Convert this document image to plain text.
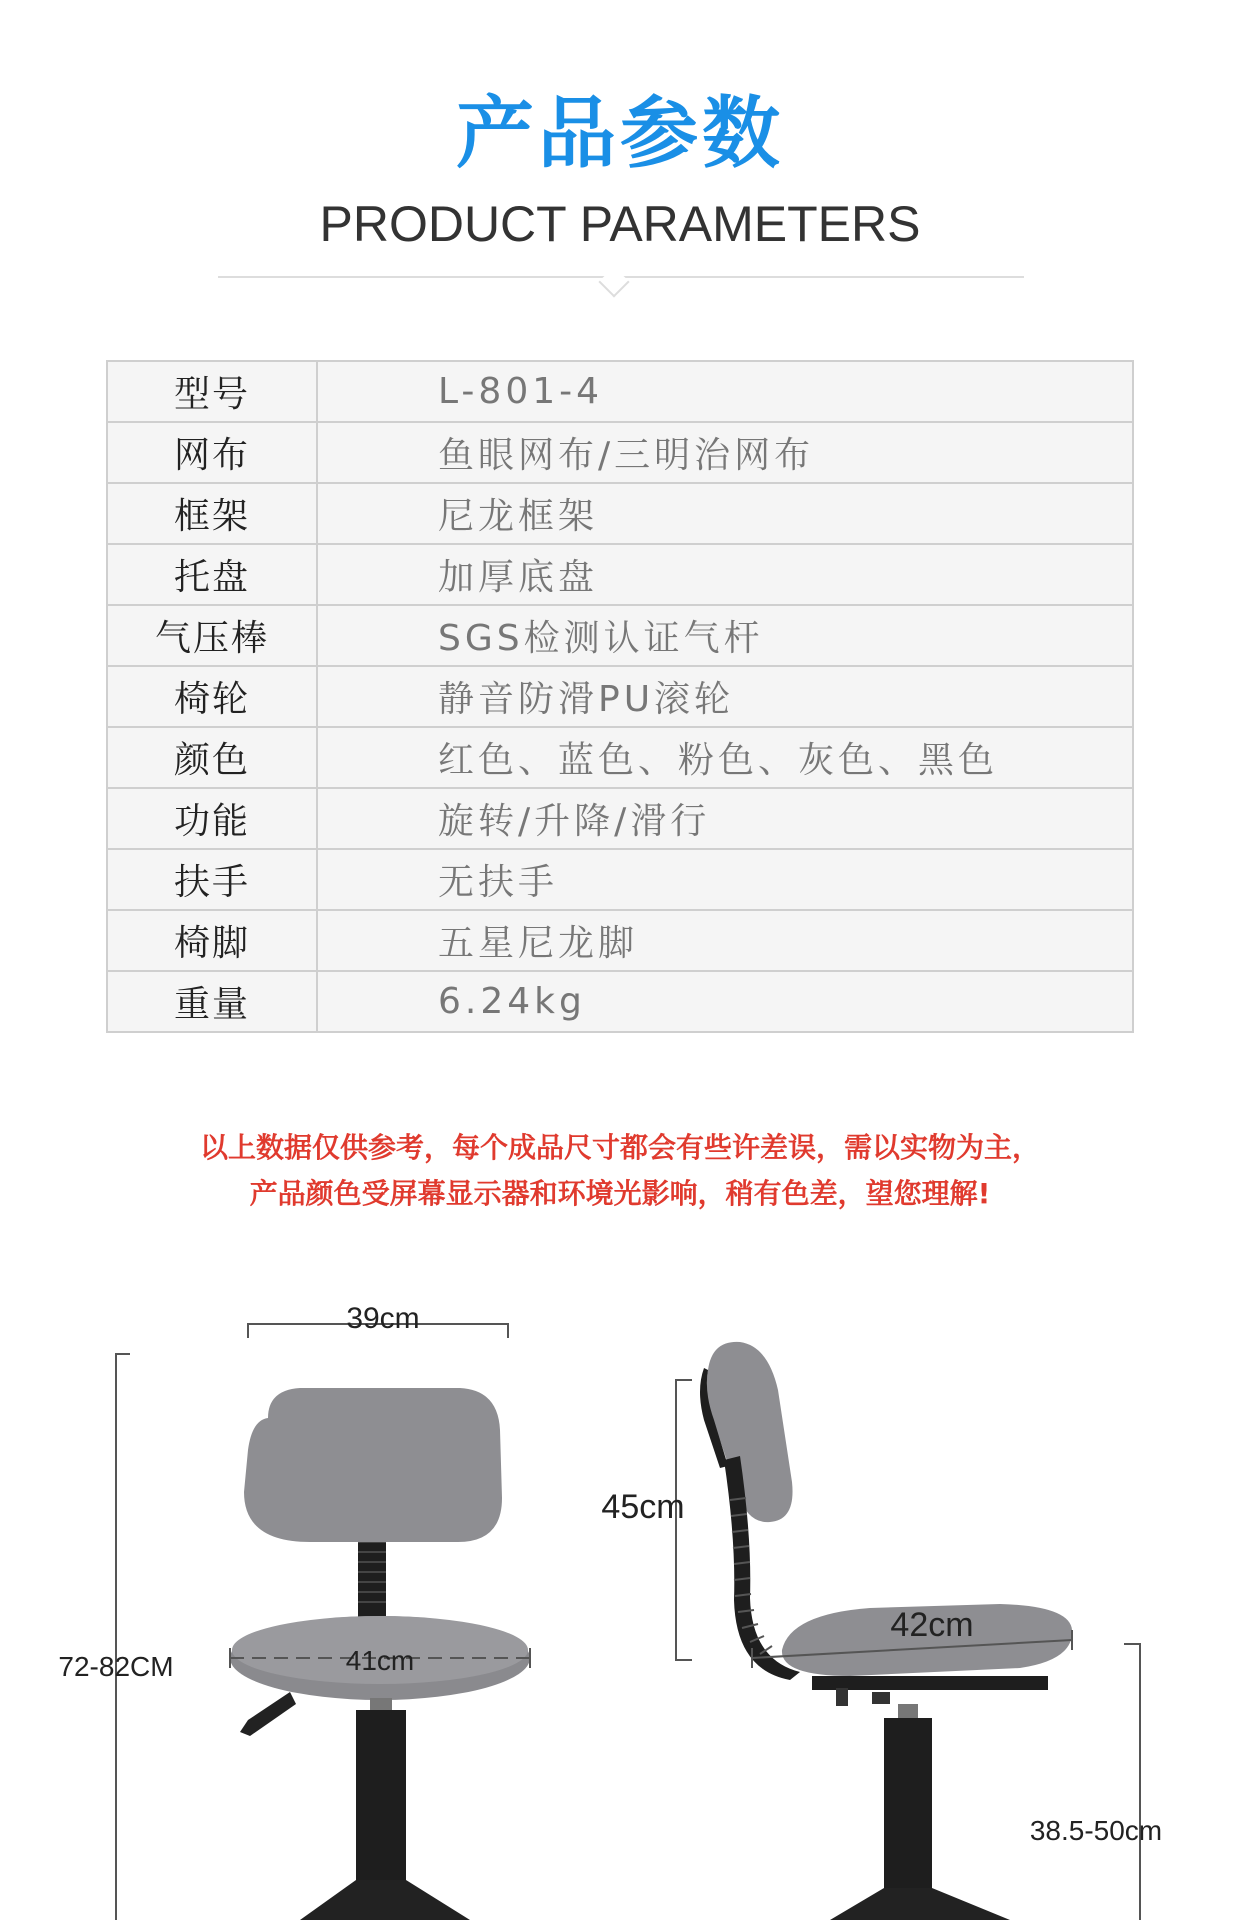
产品参数
PRODUCT PARAMETERS
型号	L-801-4
网布	鱼眼网布/三明治网布
框架	尼龙框架
托盘	加厚底盘
气压棒	SGS检测认证气杆
椅轮	静音防滑PU滚轮
颜色	红色、蓝色、粉色、灰色、黑色
功能	旋转/升降/滑行
扶手	无扶手
椅脚	五星尼龙脚
重量	6.24kg
以上数据仅供参考，每个成品尺寸都会有些许差误，需以实物为主，
产品颜色受屏幕显示器和环境光影响，稍有色差，望您理解!
39cm
72-82CM	41cm
45cm
42cm
38.5-50cm
